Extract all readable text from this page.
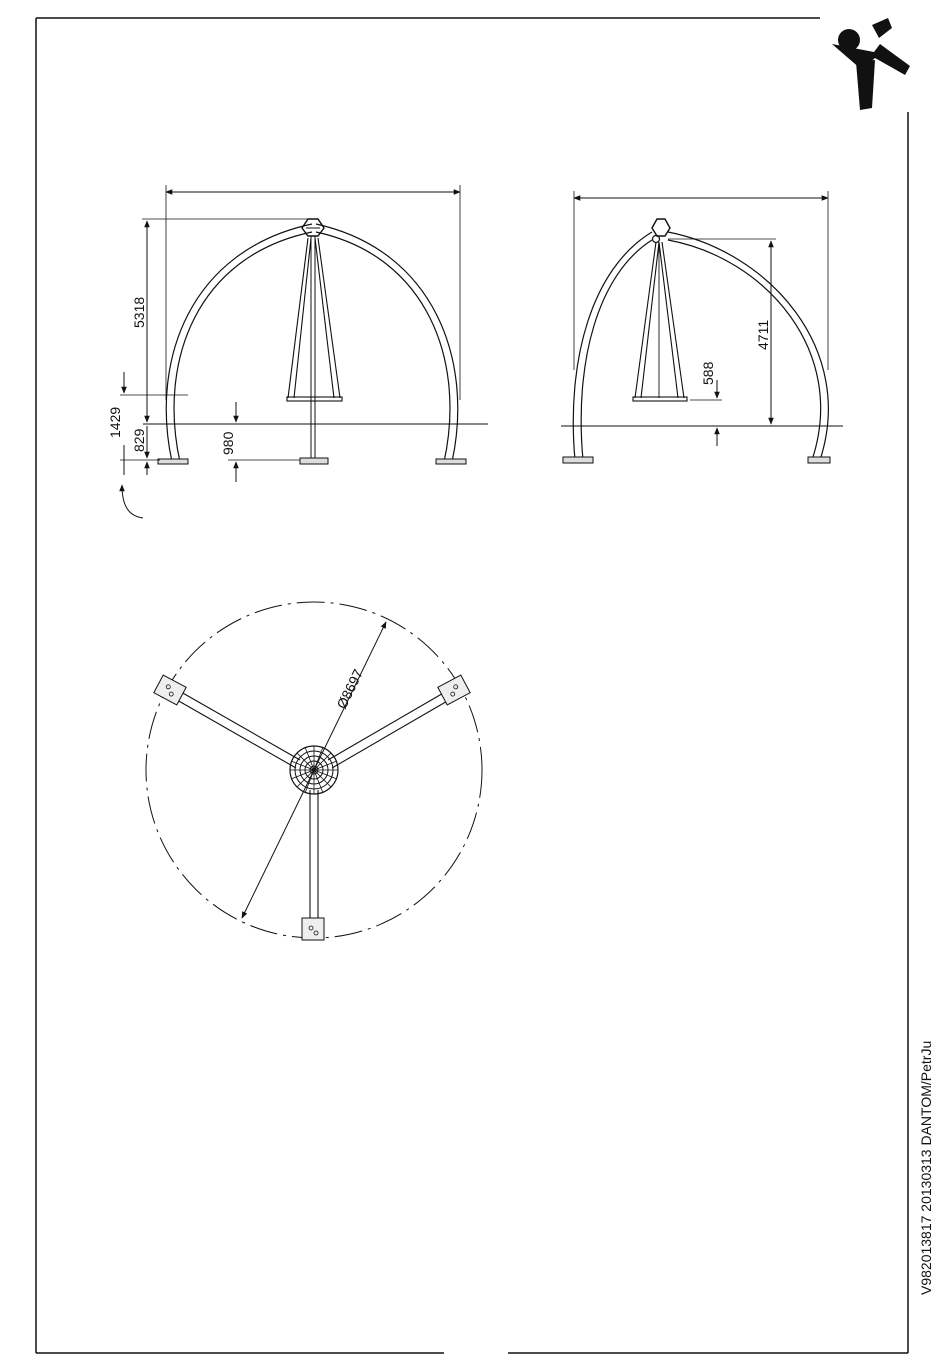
5318
1429
829	980
4711
588
Ø8697
V982013817 20130313 DANTOM/PetrJu
